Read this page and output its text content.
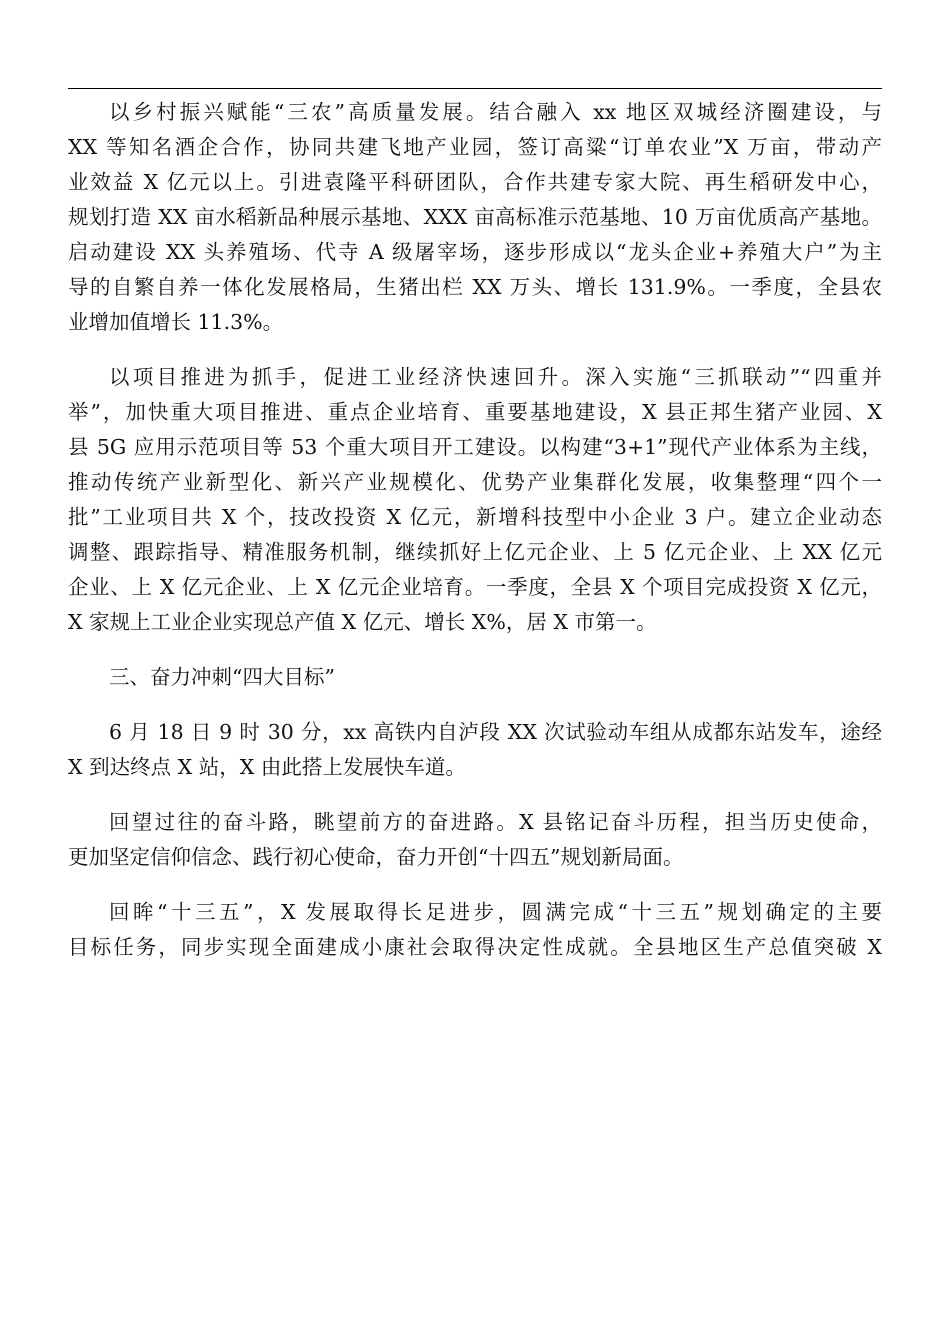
以乡村振兴赋能“三农”高质量发展。结合融入 xx 地区双城经济圈建设，与
XX 等知名酒企合作，协同共建飞地产业园，签订高粱“订单农业”X 万亩，带动产
业效益 X 亿元以上。引进袁隆平科研团队，合作共建专家大院、再生稻研发中心，
规划打造 XX 亩水稻新品种展示基地、XXX 亩高标准示范基地、10 万亩优质高产基地。
启动建设 XX 头养殖场、代寺 A 级屠宰场，逐步形成以“龙头企业+养殖大户”为主
导的自繁自养一体化发展格局，生猪出栏 XX 万头、增长 131.9%。一季度，全县农
业增加值增长 11.3%。
以项目推进为抓手，促进工业经济快速回升。深入实施“三抓联动”“四重并
举”，加快重大项目推进、重点企业培育、重要基地建设，X 县正邦生猪产业园、X
县 5G 应用示范项目等 53 个重大项目开工建设。以构建“3+1”现代产业体系为主线，
推动传统产业新型化、新兴产业规模化、优势产业集群化发展，收集整理“四个一
批”工业项目共 X 个，技改投资 X 亿元，新增科技型中小企业 3 户。建立企业动态
调整、跟踪指导、精准服务机制，继续抓好上亿元企业、上 5 亿元企业、上 XX 亿元
企业、上 X 亿元企业、上 X 亿元企业培育。一季度，全县 X 个项目完成投资 X 亿元，
X 家规上工业企业实现总产值 X 亿元、增长 X%，居 X 市第一。
三、奋力冲刺“四大目标”
6 月 18 日 9 时 30 分，xx 高铁内自泸段 XX 次试验动车组从成都东站发车，途经
X 到达终点 X 站，X 由此搭上发展快车道。
回望过往的奋斗路，眺望前方的奋进路。X 县铭记奋斗历程，担当历史使命，
更加坚定信仰信念、践行初心使命，奋力开创“十四五”规划新局面。
回眸“十三五”，X 发展取得长足进步，圆满完成“十三五”规划确定的主要
目标任务，同步实现全面建成小康社会取得决定性成就。全县地区生产总值突破 X
